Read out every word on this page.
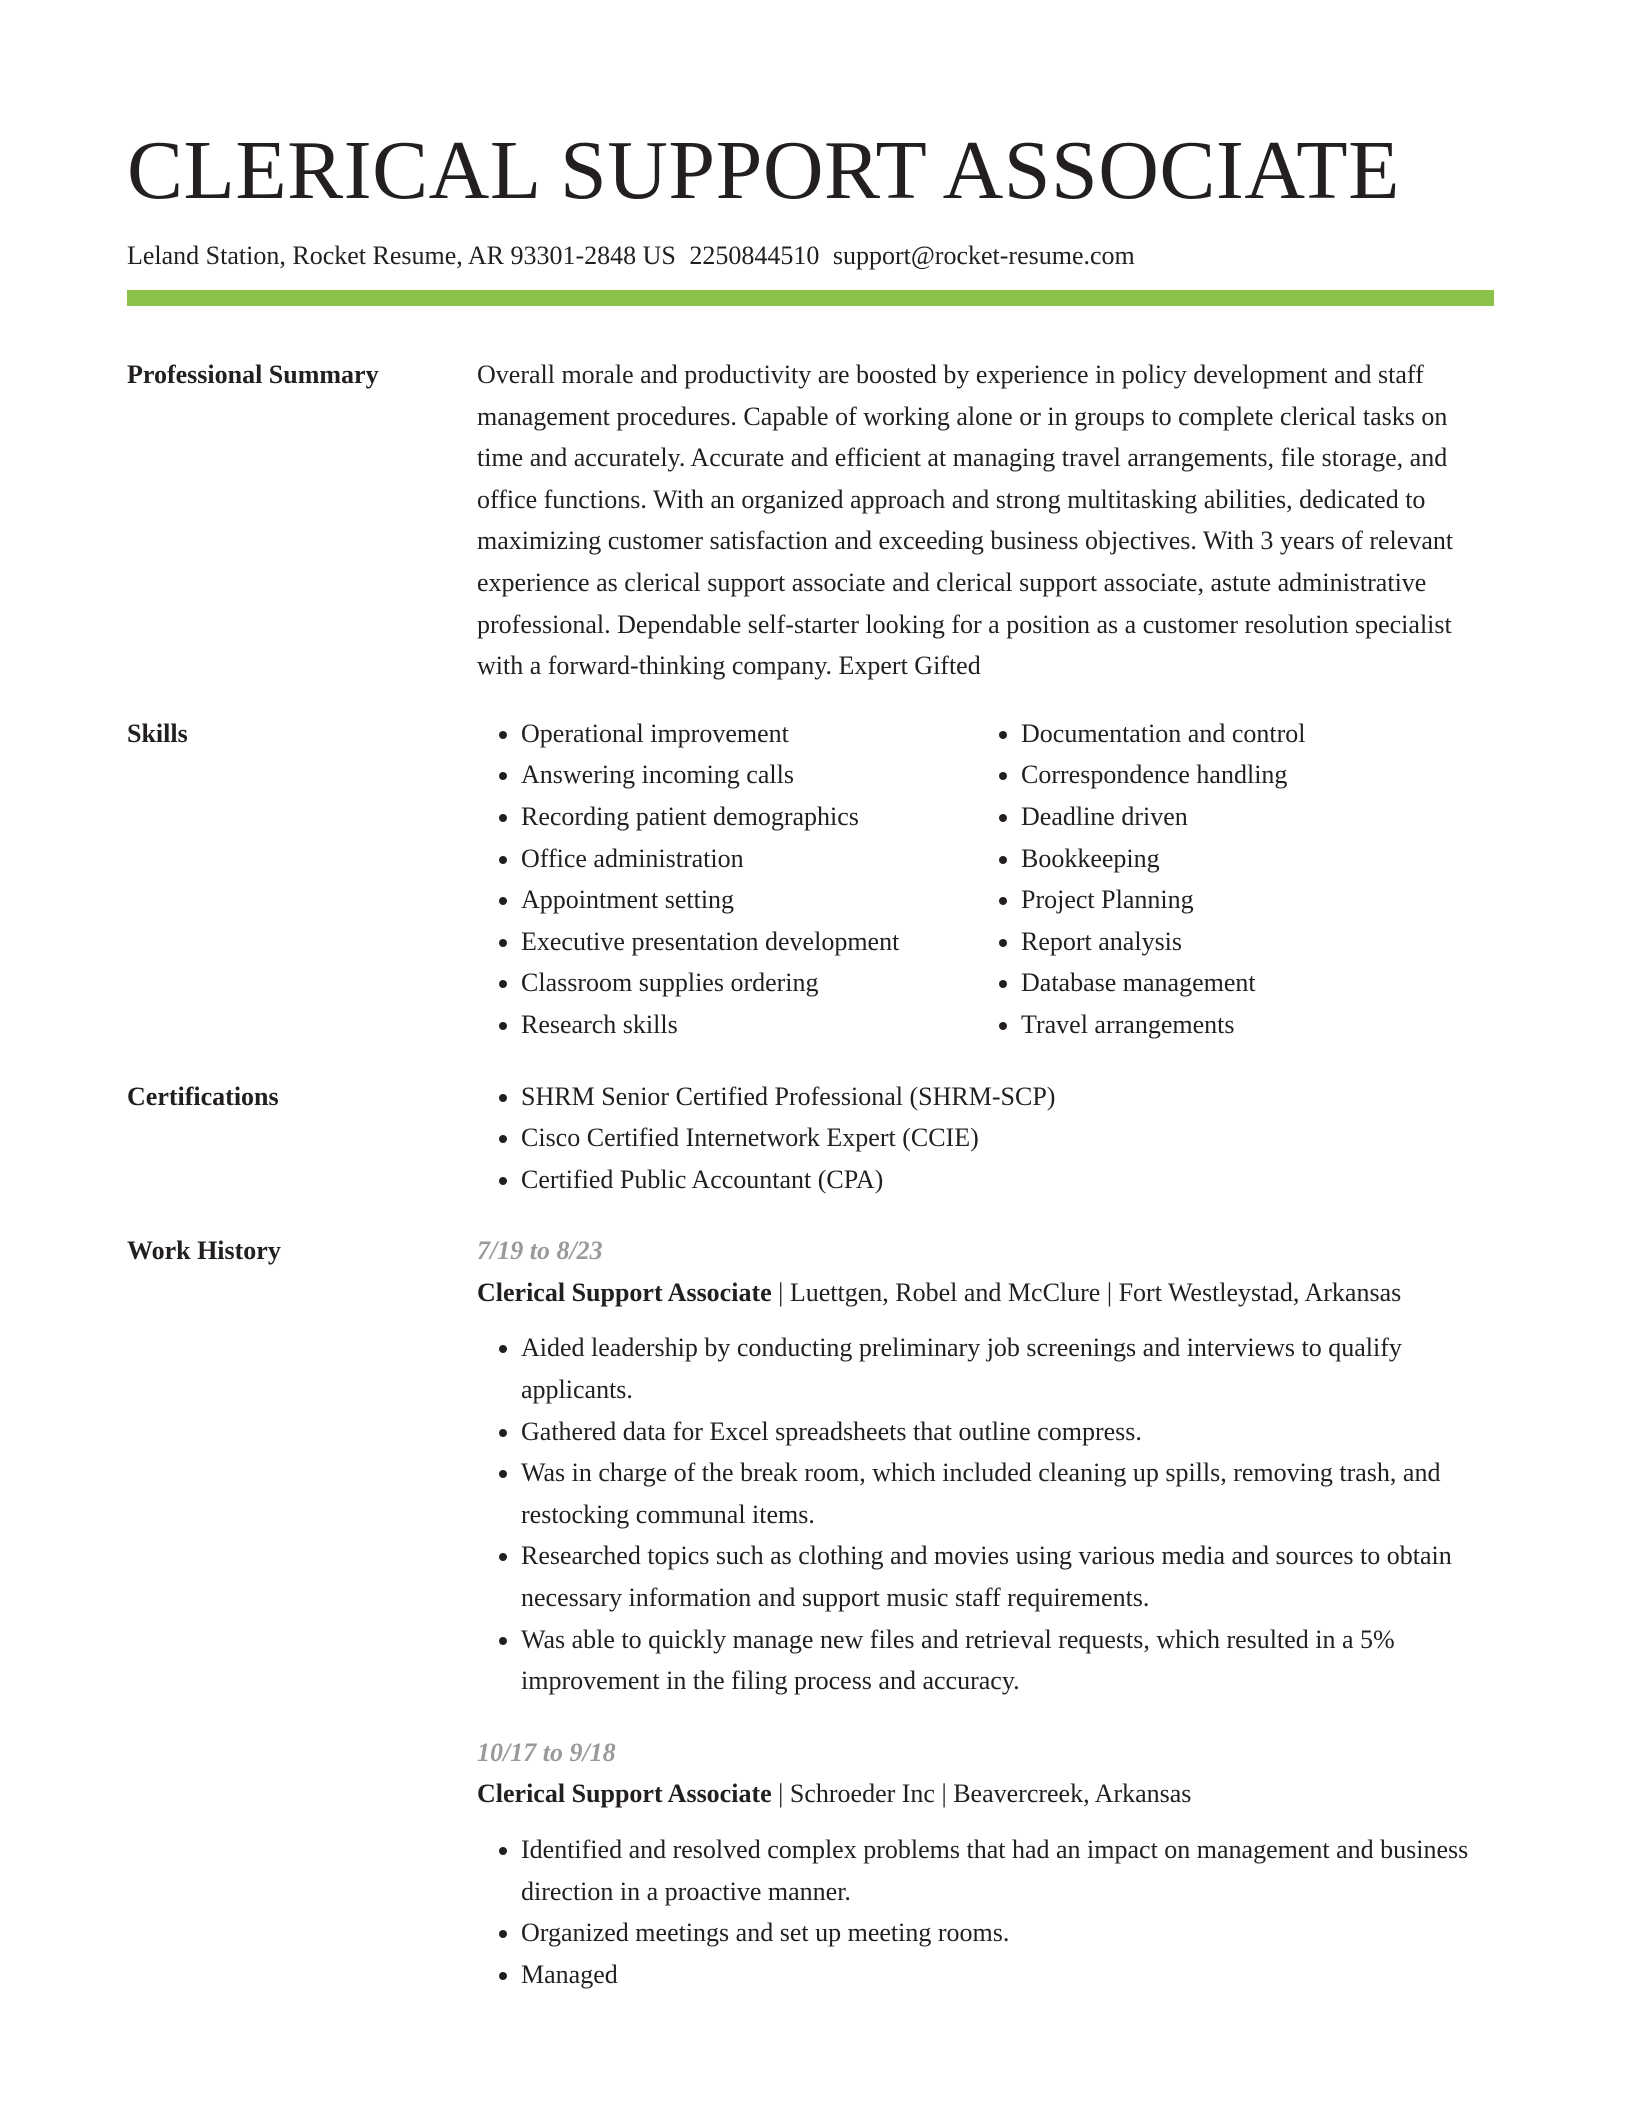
CLERICAL SUPPORT ASSOCIATE
Leland Station, Rocket Resume, AR 93301-2848 US 2250844510 support@rocket-resume.com
Professional Summary	Overall morale and productivity are boosted by experience in policy development and staff management procedures. Capable of working alone or in groups to complete clerical tasks on time and accurately. Accurate and efficient at managing travel arrangements, file storage, and office functions. With an organized approach and strong multitasking abilities, dedicated to maximizing customer satisfaction and exceeding business objectives. With 3 years of relevant experience as clerical support associate and clerical support associate, astute administrative professional. Dependable self-starter looking for a position as a customer resolution specialist with a forward-thinking company. Expert Gifted

Skills	• Operational improvement
• Answering incoming calls
• Recording patient demographics
• Office administration
• Appointment setting
• Executive presentation development
• Classroom supplies ordering
• Research skills
• Documentation and control
• Correspondence handling
• Deadline driven
• Bookkeeping
• Project Planning
• Report analysis
• Database management
• Travel arrangements
Certifications	• SHRM Senior Certified Professional (SHRM-SCP)
• Cisco Certified Internetwork Expert (CCIE)
• Certified Public Accountant (CPA)
Work History	7/19 to 8/23
Clerical Support Associate | Luettgen, Robel and McClure | Fort Westleystad, Arkansas
• Aided leadership by conducting preliminary job screenings and interviews to qualify applicants.
• Gathered data for Excel spreadsheets that outline compress.
• Was in charge of the break room, which included cleaning up spills, removing trash, and restocking communal items.
• Researched topics such as clothing and movies using various media and sources to obtain necessary information and support music staff requirements.
• Was able to quickly manage new files and retrieval requests, which resulted in a 5% improvement in the filing process and accuracy.
10/17 to 9/18
Clerical Support Associate | Schroeder Inc | Beavercreek, Arkansas
• Identified and resolved complex problems that had an impact on management and business direction in a proactive manner.
• Organized meetings and set up meeting rooms.
• Managed
